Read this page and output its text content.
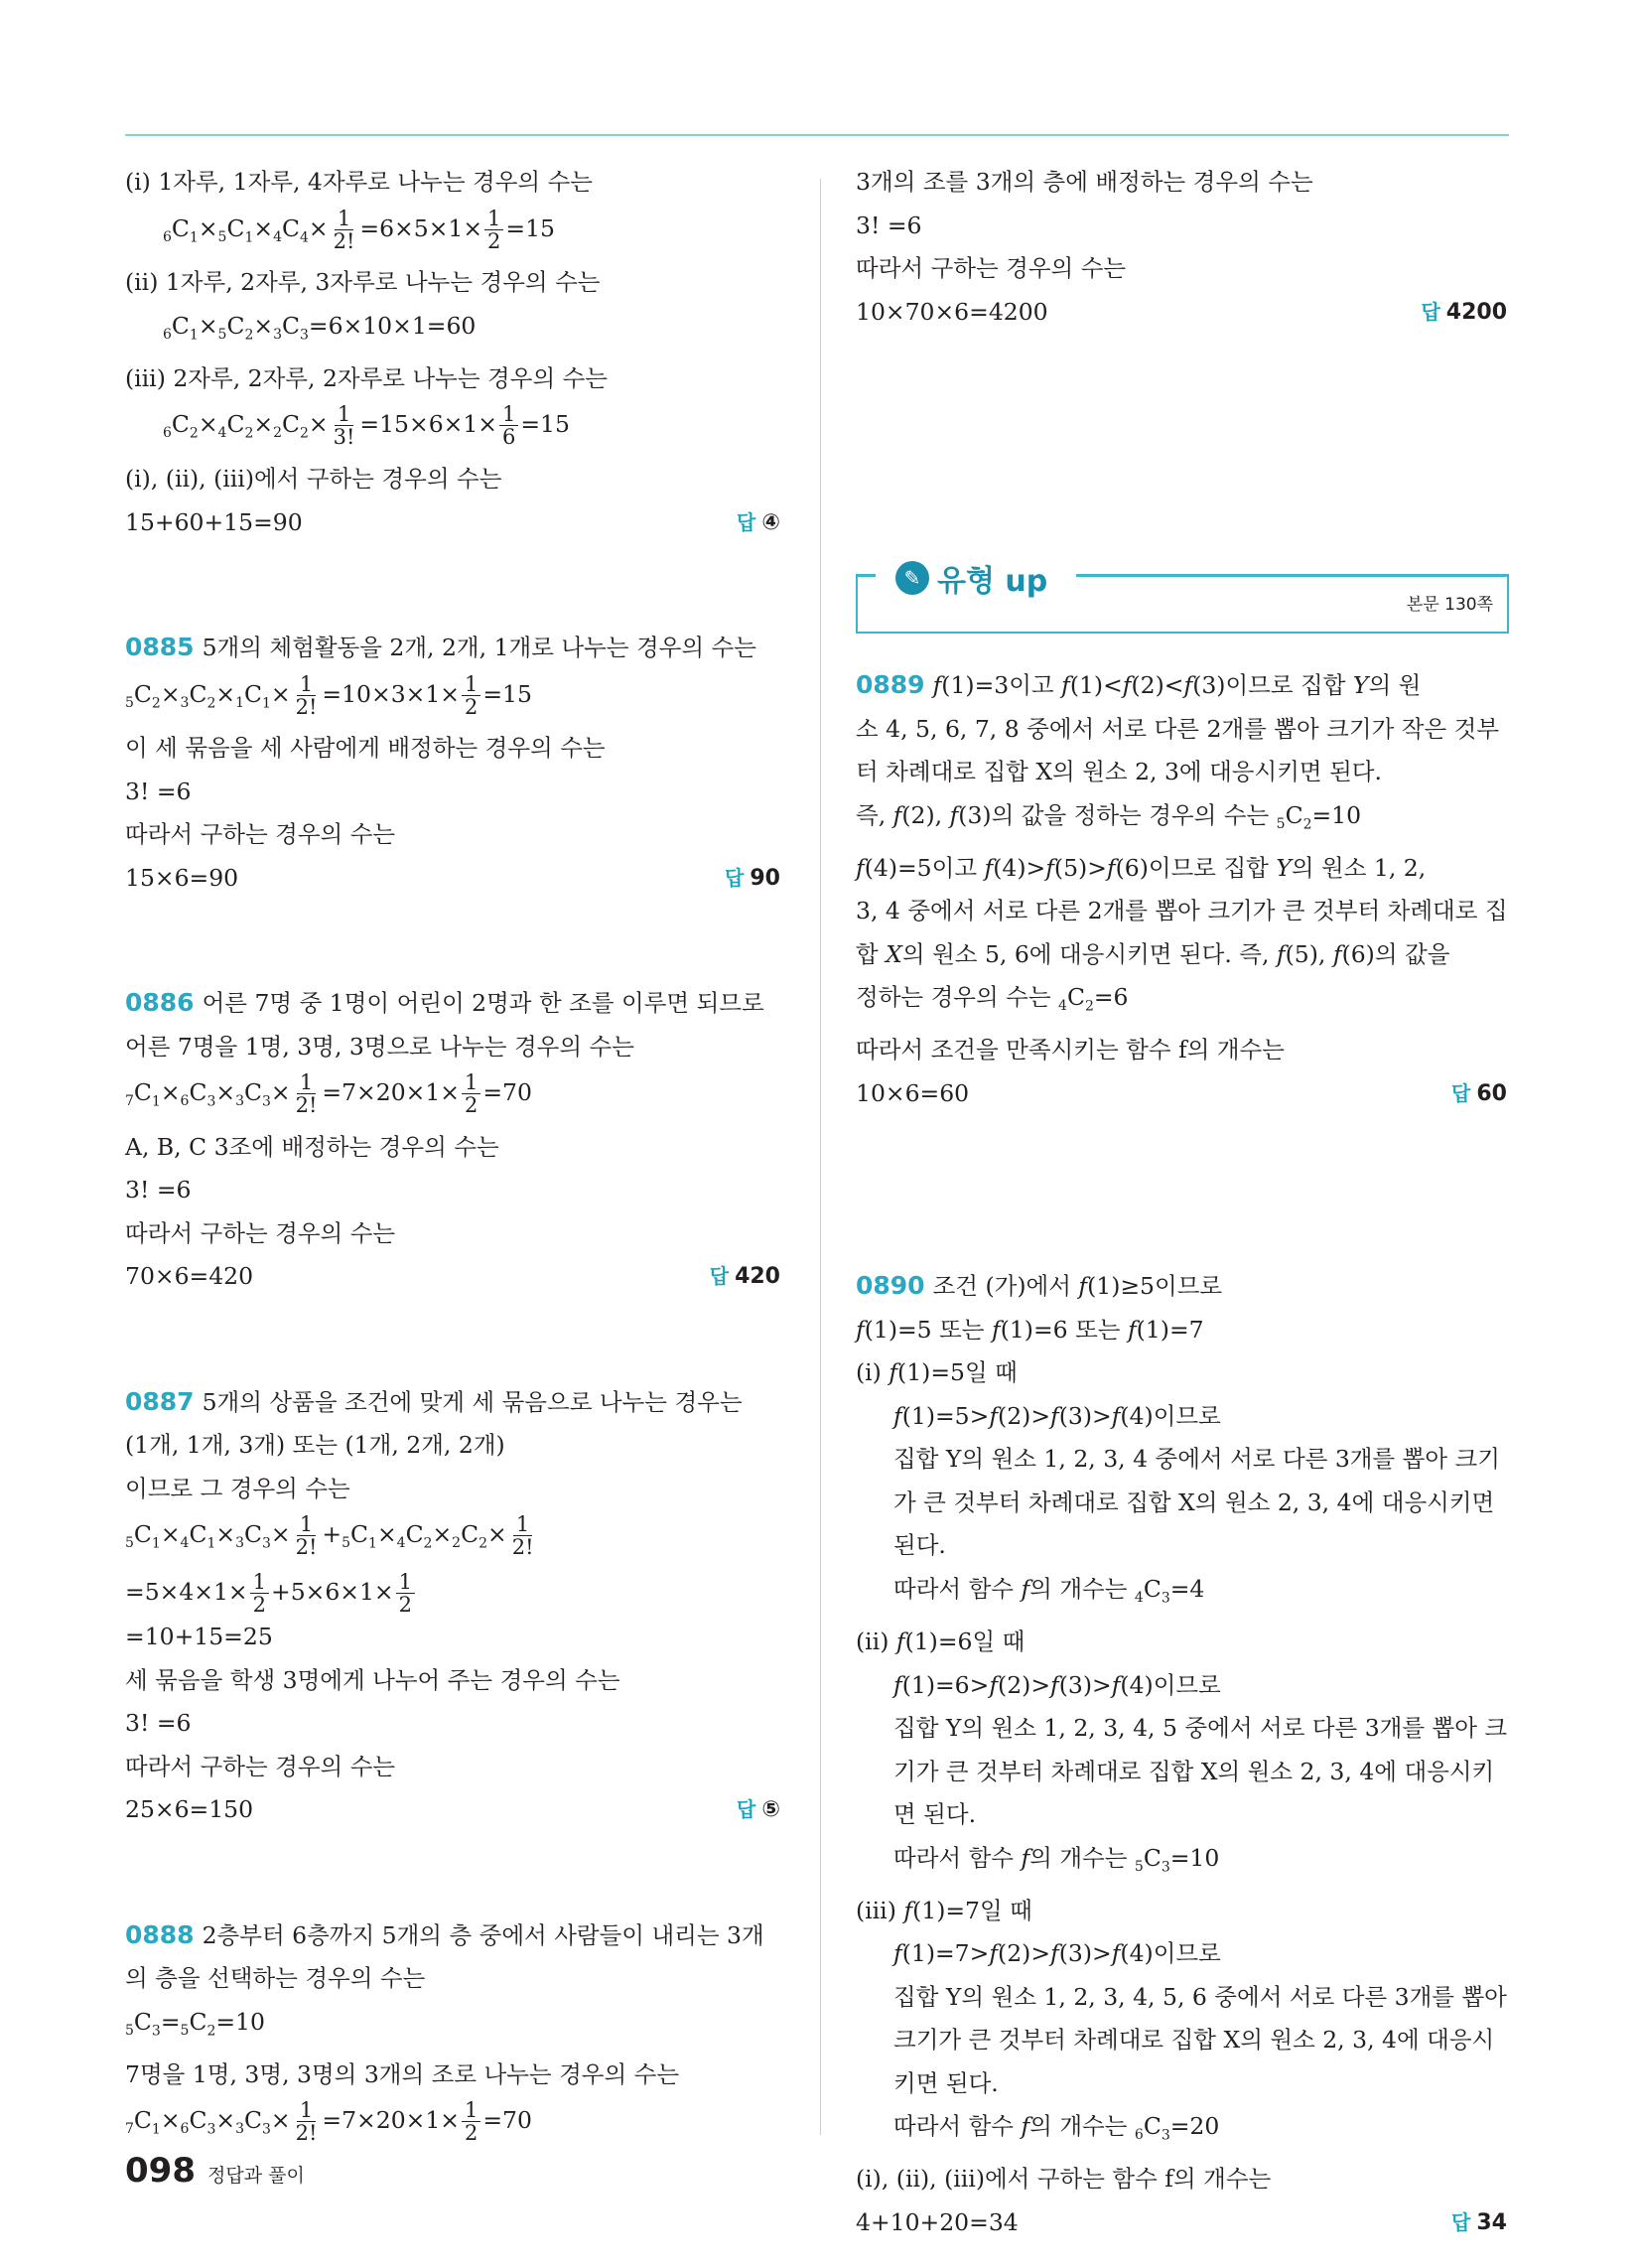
(ⅰ) 1자루, 1자루, 4자루로 나누는 경우의 수는
$_6C_1\times_5C_1\times_4C_4\times \frac{1}{2!} =6\times 5\times 1\times \frac{1}{2} =15$
(ⅱ) 1자루, 2자루, 3자루로 나누는 경우의 수는
$_6C_1\times_5C_2\times_3C_3=6\times 10\times 1=60$
(ⅲ) 2자루, 2자루, 2자루로 나누는 경우의 수는
$_6C_2\times_4C_2\times_2C_2\times \frac{1}{3!} =15\times 6\times 1\times \frac{1}{6} =15$
(ⅰ), (ⅱ), (ⅲ)에서 구하는 경우의 수는
15+60+15=90	답 ④
0885 5개의 체험활동을 2개, 2개, 1개로 나누는 경우의 수는
$_5C_2\times_3C_2\times_1C_1\times \frac{1}{2!} =10\times 3\times 1\times \frac{1}{2} =15$
이 세 묶음을 세 사람에게 배정하는 경우의 수는
3! =6
따라서 구하는 경우의 수는
15×6=90	답 90
0886 어른 7명 중 1명이 어린이 2명과 한 조를 이루면 되므로
어른 7명을 1명, 3명, 3명으로 나누는 경우의 수는
$_7C_1\times_6C_3\times_3C_3\times \frac{1}{2!} =7\times 20\times 1\times \frac{1}{2} =70$
A, B, C 3조에 배정하는 경우의 수는
3! =6
따라서 구하는 경우의 수는
70×6=420	답 420
0887 5개의 상품을 조건에 맞게 세 묶음으로 나누는 경우는
(1개, 1개, 3개) 또는 (1개, 2개, 2개)
이므로 그 경우의 수는
$_5C_1\times_4C_1\times_3C_3\times \frac{1}{2!} +_5C_1\times_4C_2\times_2C_2\times \frac{1}{2!}$
$=5\times 4\times 1\times \frac{1}{2} +5\times 6\times 1\times \frac{1}{2}$
=10+15=25
세 묶음을 학생 3명에게 나누어 주는 경우의 수는
3! =6
따라서 구하는 경우의 수는
25×6=150	답 ⑤
0888 2층부터 6층까지 5개의 층 중에서 사람들이 내리는 3개
의 층을 선택하는 경우의 수는
$_5C_3=_5C_2=10$
7명을 1명, 3명, 3명의 3개의 조로 나누는 경우의 수는
$_7C_1\times_6C_3\times_3C_3\times \frac{1}{2!} =7\times 20\times 1\times \frac{1}{2} =70$
3개의 조를 3개의 층에 배정하는 경우의 수는
3! =6
따라서 구하는 경우의 수는
10×70×6=4200	답 4200
✎ 유형 up
본문 130쪽
0889 f(1)=3이고 f(1)<f(2)<f(3)이므로 집합 Y의 원
소 4, 5, 6, 7, 8 중에서 서로 다른 2개를 뽑아 크기가 작은 것부
터 차례대로 집합 X의 원소 2, 3에 대응시키면 된다.
즉, f(2), f(3)의 값을 정하는 경우의 수는 $_5C_2=10$
f(4)=5이고 f(4)>f(5)>f(6)이므로 집합 Y의 원소 1, 2,
3, 4 중에서 서로 다른 2개를 뽑아 크기가 큰 것부터 차례대로 집
합 X의 원소 5, 6에 대응시키면 된다. 즉, f(5), f(6)의 값을
정하는 경우의 수는 $_4C_2=6$
따라서 조건을 만족시키는 함수 f의 개수는
10×6=60	답 60
0890 조건 (가)에서 f(1)≥5이므로
f(1)=5 또는 f(1)=6 또는 f(1)=7
(ⅰ) f(1)=5일 때
f(1)=5>f(2)>f(3)>f(4)이므로
집합 Y의 원소 1, 2, 3, 4 중에서 서로 다른 3개를 뽑아 크기
가 큰 것부터 차례대로 집합 X의 원소 2, 3, 4에 대응시키면
된다.
따라서 함수 f의 개수는 $_4C_3=4$
(ⅱ) f(1)=6일 때
f(1)=6>f(2)>f(3)>f(4)이므로
집합 Y의 원소 1, 2, 3, 4, 5 중에서 서로 다른 3개를 뽑아 크
기가 큰 것부터 차례대로 집합 X의 원소 2, 3, 4에 대응시키
면 된다.
따라서 함수 f의 개수는 $_5C_3=10$
(ⅲ) f(1)=7일 때
f(1)=7>f(2)>f(3)>f(4)이므로
집합 Y의 원소 1, 2, 3, 4, 5, 6 중에서 서로 다른 3개를 뽑아
크기가 큰 것부터 차례대로 집합 X의 원소 2, 3, 4에 대응시
키면 된다.
따라서 함수 f의 개수는 $_6C_3=20$
(ⅰ), (ⅱ), (ⅲ)에서 구하는 함수 f의 개수는
4+10+20=34	답 34
098 정답과 풀이
